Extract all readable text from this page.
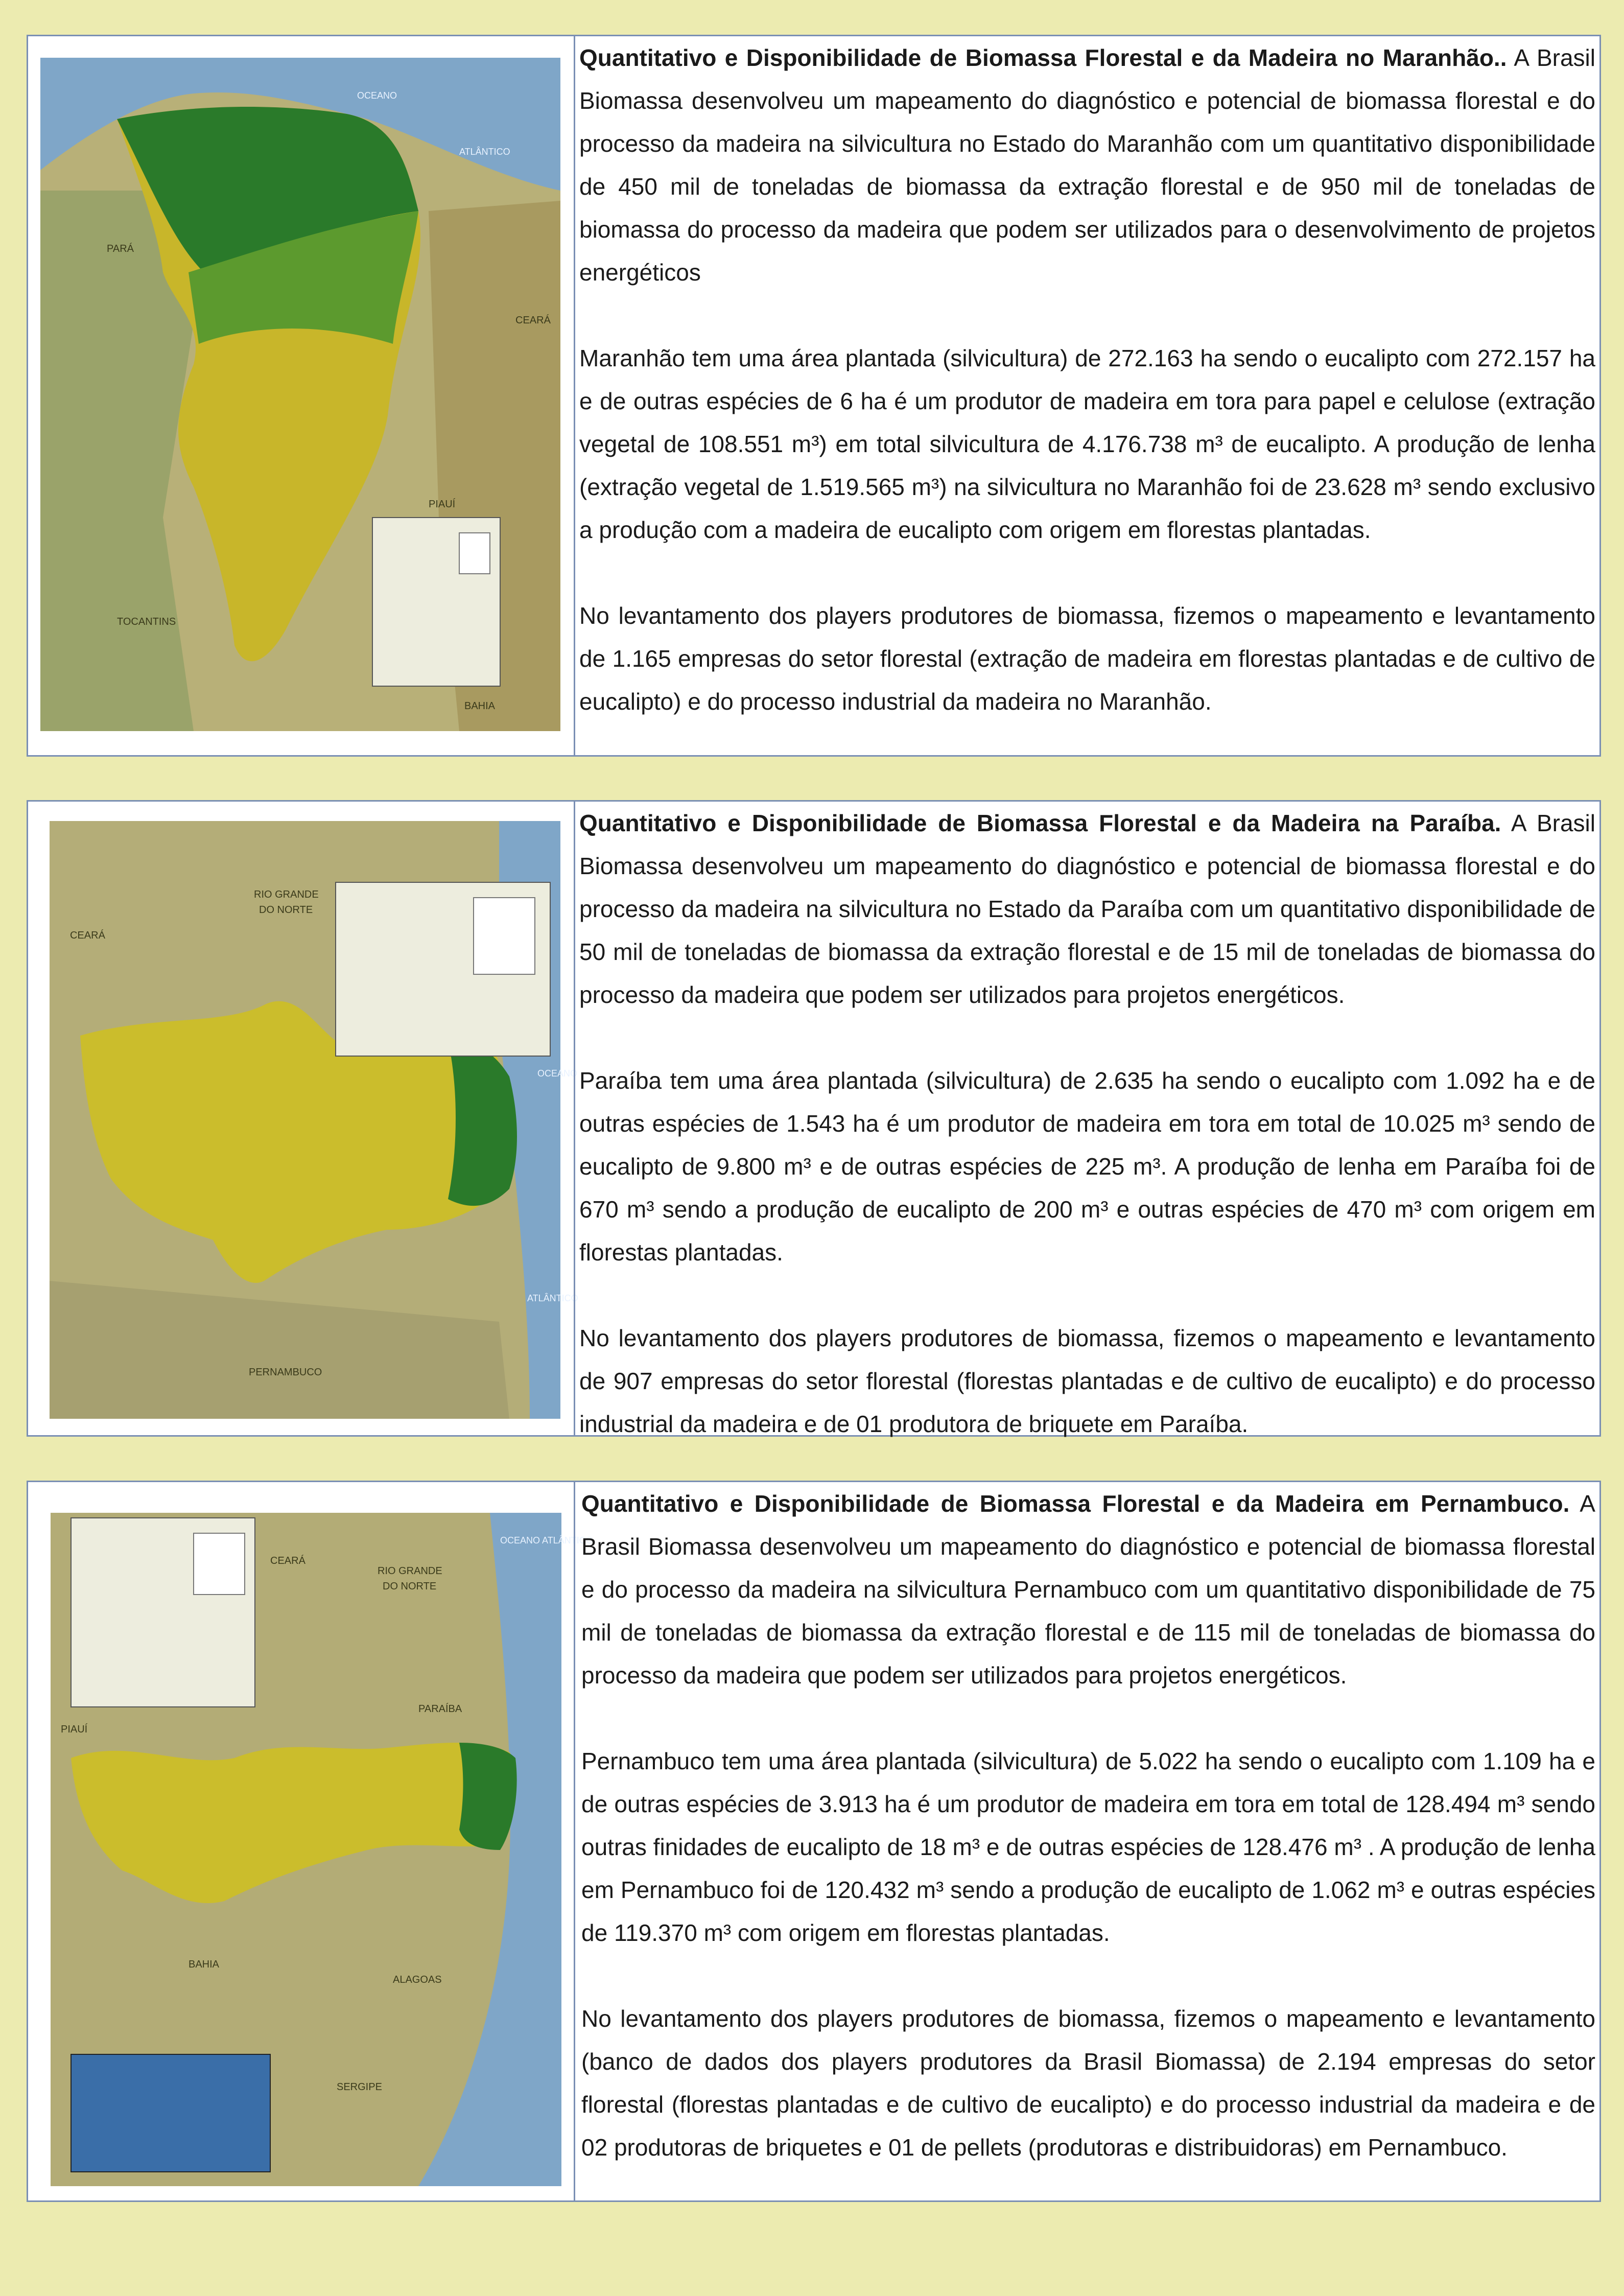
OCEANO
ATLÂNTICO
PARÁ
CEARÁ
PIAUÍ
TOCANTINS
BAHIA

Quantitativo e Disponibilidade de Biomassa Florestal e da Madeira no Maranhão.. A Brasil Biomassa desenvolveu um mapeamento do diagnóstico e potencial de biomassa florestal e do processo da madeira na silvicultura no Estado do Maranhão com um quantitativo disponibilidade de 450 mil de toneladas de biomassa da extração florestal e de 950 mil de toneladas de biomassa do processo da madeira que podem ser utilizados para o desenvolvimento de projetos energéticos

Maranhão tem uma área plantada (silvicultura) de 272.163 ha sendo o eucalipto com 272.157 ha e de outras espécies de 6 ha é um produtor de madeira em tora para papel e celulose (extração vegetal de 108.551 m³) em total silvicultura de 4.176.738 m³ de eucalipto. A produção de lenha (extração vegetal de 1.519.565 m³) na silvicultura no Maranhão foi de 23.628 m³ sendo exclusivo a produção com a madeira de eucalipto com origem em florestas plantadas.

No levantamento dos players produtores de biomassa, fizemos o mapeamento e levantamento de 1.165 empresas do setor florestal (extração de madeira em florestas plantadas e de cultivo de eucalipto) e do processo industrial da madeira no Maranhão.

RIO GRANDE
DO NORTE
CEARÁ
OCEANO
ATLÂNTICO
PERNAMBUCO

Quantitativo e Disponibilidade de Biomassa Florestal e da Madeira na Paraíba. A Brasil Biomassa desenvolveu um mapeamento do diagnóstico e potencial de biomassa florestal e do processo da madeira na silvicultura no Estado da Paraíba com um quantitativo disponibilidade de 50 mil de toneladas de biomassa da extração florestal e de 15 mil de toneladas de biomassa do processo da madeira que podem ser utilizados para projetos energéticos.

Paraíba tem uma área plantada (silvicultura) de 2.635 ha sendo o eucalipto com 1.092 ha e de outras espécies de 1.543 ha é um produtor de madeira em tora em total de 10.025 m³ sendo de eucalipto de 9.800 m³ e de outras espécies de 225 m³. A produção de lenha em Paraíba foi de 670 m³ sendo a produção de eucalipto de 200 m³ e outras espécies de 470 m³ com origem em florestas plantadas.

No levantamento dos players produtores de biomassa, fizemos o mapeamento e levantamento de 907 empresas do setor florestal (florestas plantadas e de cultivo de eucalipto) e do processo industrial da madeira e de 01 produtora de briquete em Paraíba.

CEARÁ
RIO GRANDE
DO NORTE
PARAÍBA
PIAUÍ
BAHIA
ALAGOAS
SERGIPE
OCEANO ATLÂNTICO

Quantitativo e Disponibilidade de Biomassa Florestal e da Madeira em Pernambuco. A Brasil Biomassa desenvolveu um mapeamento do diagnóstico e potencial de biomassa florestal e do processo da madeira na silvicultura Pernambuco com um quantitativo disponibilidade de 75 mil de toneladas de biomassa da extração florestal e de 115 mil de toneladas de biomassa do processo da madeira que podem ser utilizados para projetos energéticos.

Pernambuco tem uma área plantada (silvicultura) de 5.022 ha sendo o eucalipto com 1.109 ha e de outras espécies de 3.913 ha é um produtor de madeira em tora em total de 128.494 m³ sendo outras finidades de eucalipto de 18 m³ e de outras espécies de 128.476 m³ . A produção de lenha em Pernambuco foi de 120.432 m³ sendo a produção de eucalipto de 1.062 m³ e outras espécies de 119.370 m³ com origem em florestas plantadas.

No levantamento dos players produtores de biomassa, fizemos o mapeamento e levantamento (banco de dados dos players produtores da Brasil Biomassa) de 2.194 empresas do setor florestal (florestas plantadas e de cultivo de eucalipto) e do processo industrial da madeira e de 02 produtoras de briquetes e 01 de pellets (produtoras e distribuidoras) em Pernambuco.
